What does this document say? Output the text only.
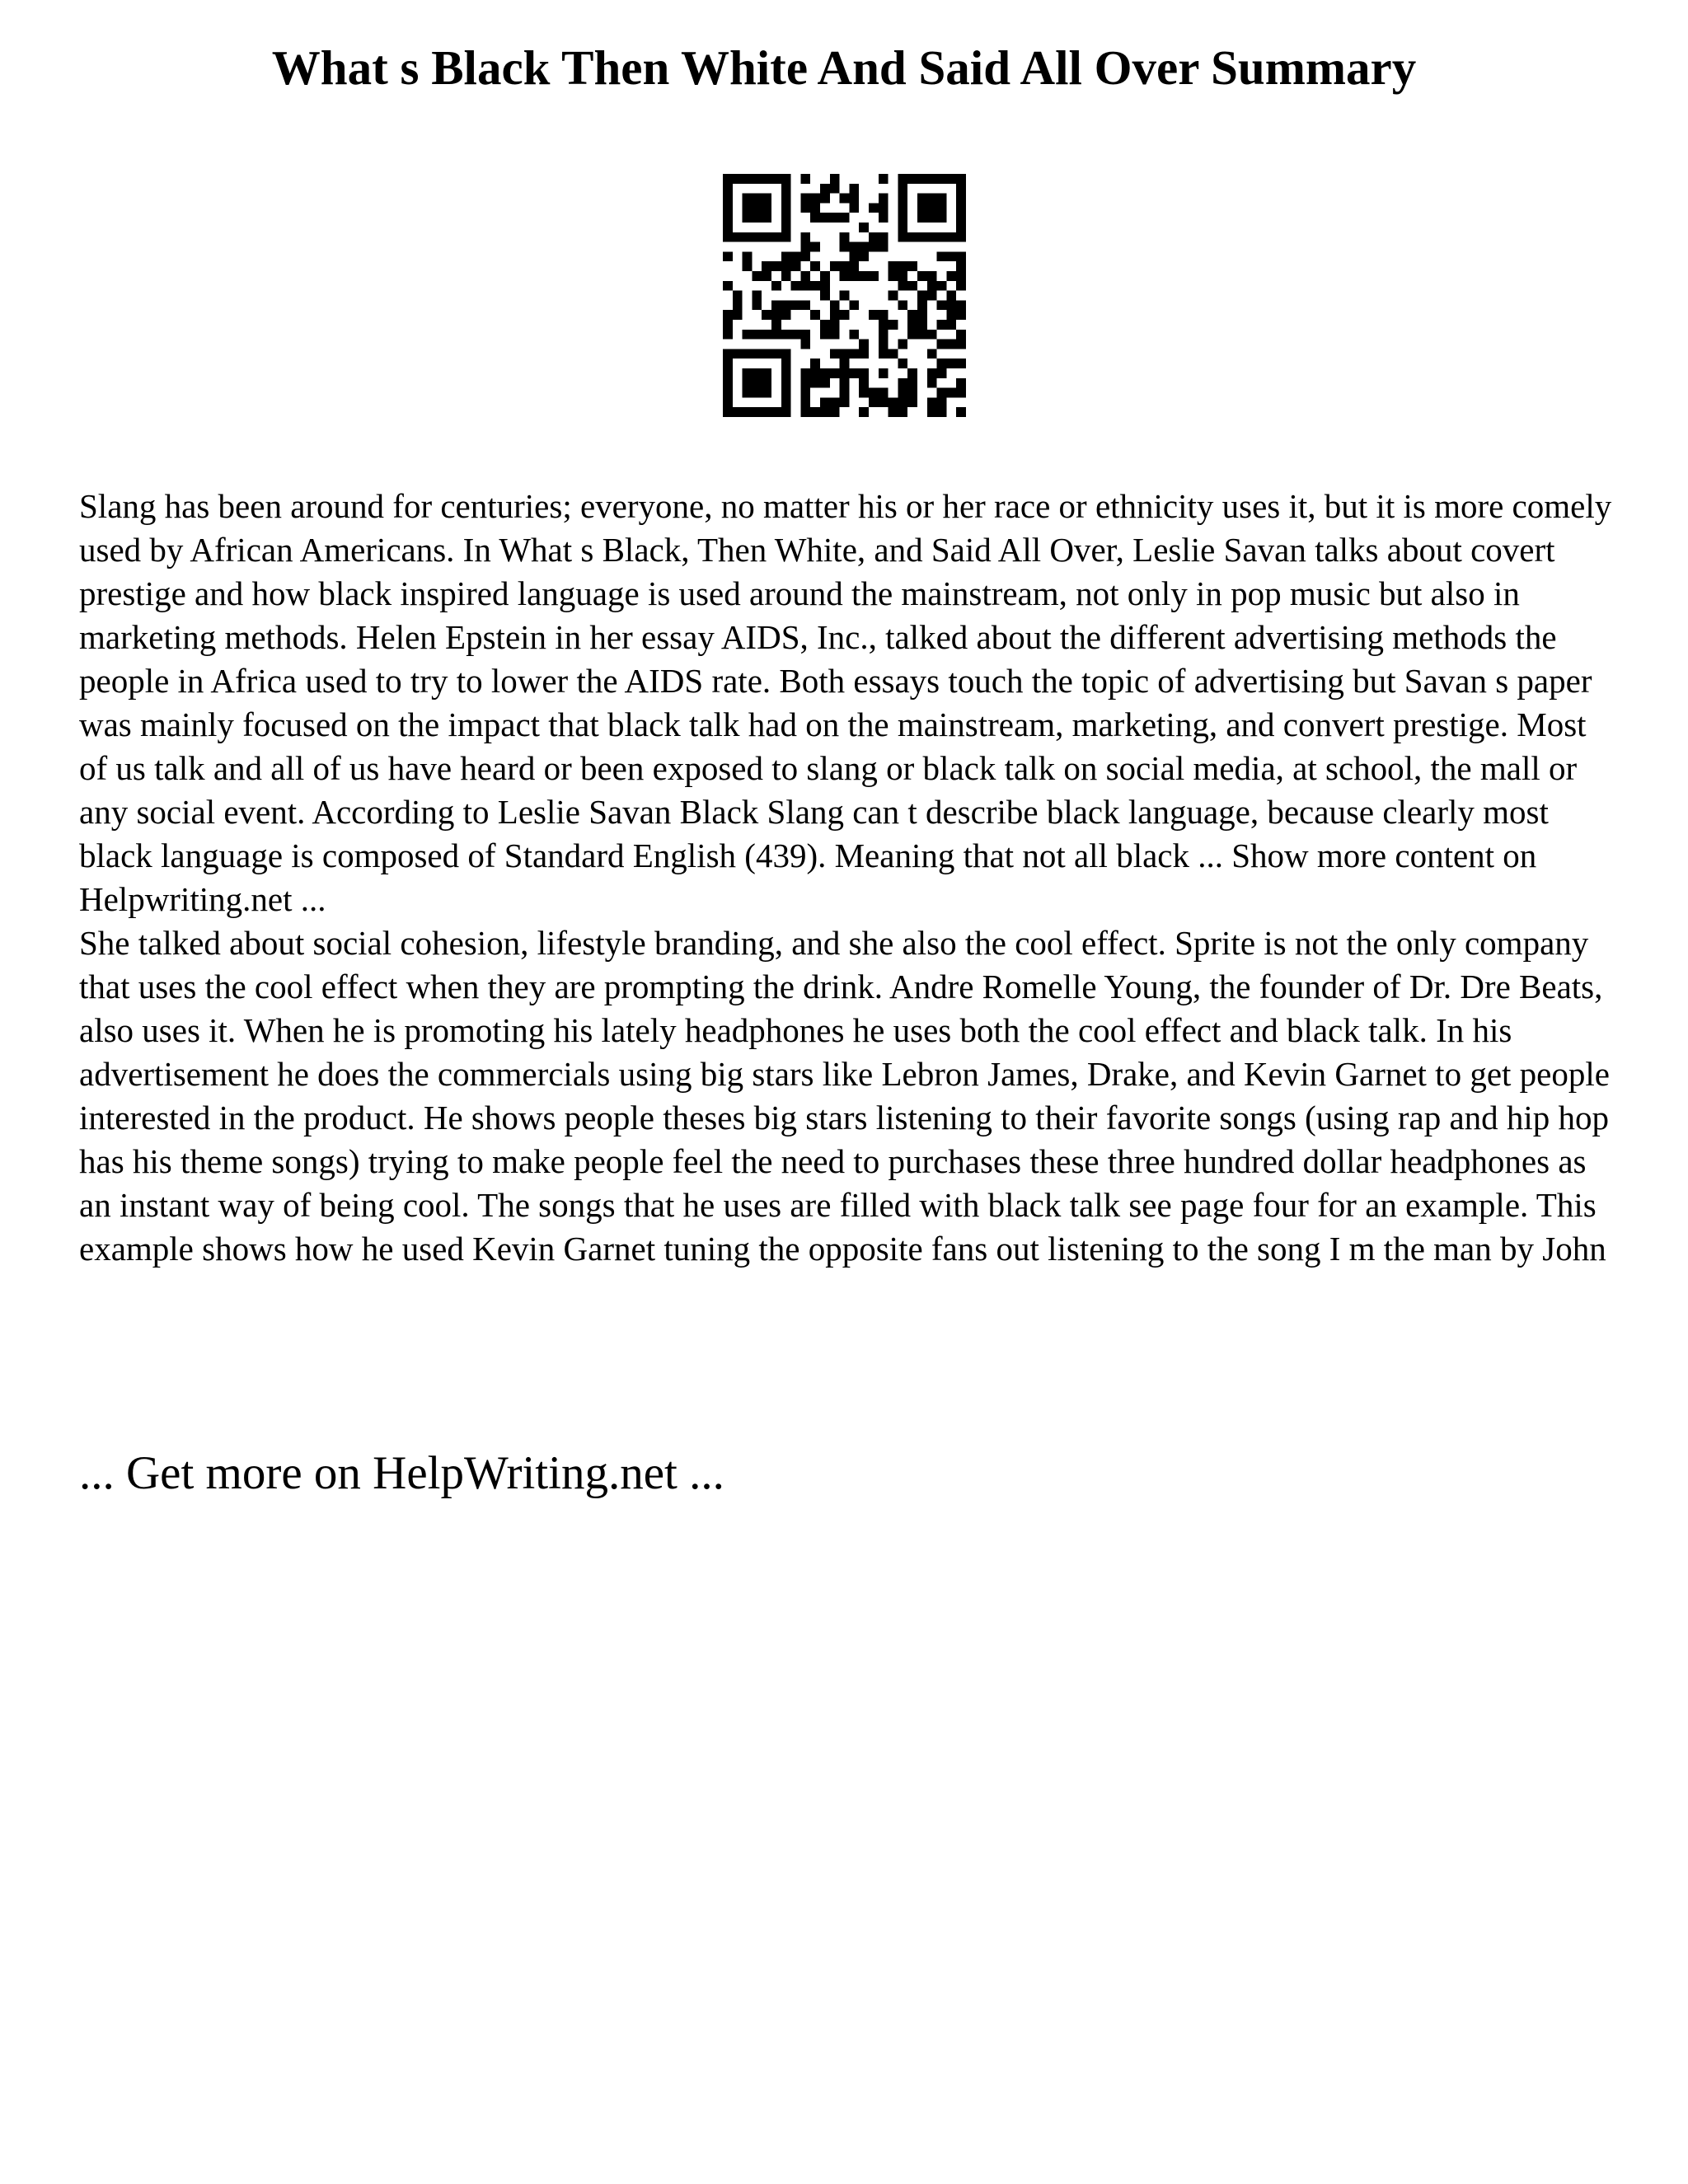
What s Black Then White And Said All Over Summary

Slang has been around for centuries; everyone, no matter his or her race or ethnicity uses it, but it is more comely used by African Americans. In What s Black, Then White, and Said All Over, Leslie Savan talks about covert prestige and how black inspired language is used around the mainstream, not only in pop music but also in marketing methods. Helen Epstein in her essay AIDS, Inc., talked about the different advertising methods the people in Africa used to try to lower the AIDS rate. Both essays touch the topic of advertising but Savan s paper was mainly focused on the impact that black talk had on the mainstream, marketing, and convert prestige. Most of us talk and all of us have heard or been exposed to slang or black talk on social media, at school, the mall or any social event. According to Leslie Savan Black Slang can t describe black language, because clearly most black language is composed of Standard English (439). Meaning that not all black ... Show more content on Helpwriting.net ...

She talked about social cohesion, lifestyle branding, and she also the cool effect. Sprite is not the only company that uses the cool effect when they are prompting the drink. Andre Romelle Young, the founder of Dr. Dre Beats, also uses it. When he is promoting his lately headphones he uses both the cool effect and black talk. In his advertisement he does the commercials using big stars like Lebron James, Drake, and Kevin Garnet to get people interested in the product. He shows people theses big stars listening to their favorite songs (using rap and hip hop has his theme songs) trying to make people feel the need to purchases these three hundred dollar headphones as an instant way of being cool. The songs that he uses are filled with black talk see page four for an example. This example shows how he used Kevin Garnet tuning the opposite fans out listening to the song I m the man by John

... Get more on HelpWriting.net ...
